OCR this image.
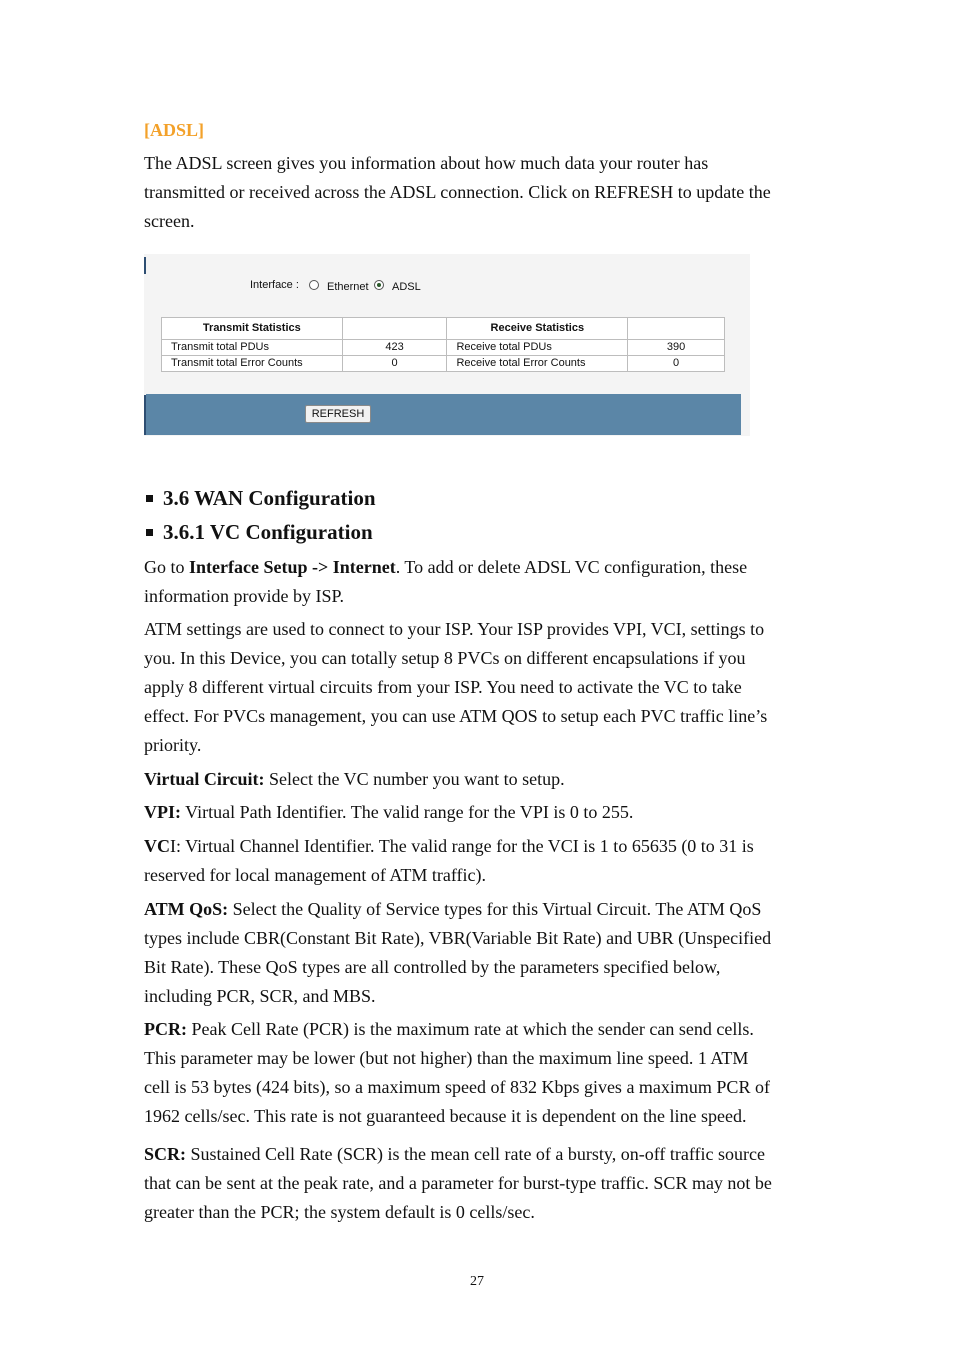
[ADSL]

The ADSL screen gives you information about how much data your router has
transmitted or received across the ADSL connection. Click on REFRESH to update the
screen.

Interface :	Ethernet ADSL
Transmit Statistics		Receive Statistics	
Transmit total PDUs	423	Receive total PDUs	390
Transmit total Error Counts	0	Receive total Error Counts	0
REFRESH
3.6 WAN Configuration
3.6.1 VC Configuration

Go to Interface Setup -> Internet. To add or delete ADSL VC configuration, these
information provide by ISP.

ATM settings are used to connect to your ISP. Your ISP provides VPI, VCI, settings to
you. In this Device, you can totally setup 8 PVCs on different encapsulations if you
apply 8 different virtual circuits from your ISP. You need to activate the VC to take
effect. For PVCs management, you can use ATM QOS to setup each PVC traffic line’s
priority.

Virtual Circuit: Select the VC number you want to setup.

VPI: Virtual Path Identifier. The valid range for the VPI is 0 to 255.

VCI: Virtual Channel Identifier. The valid range for the VCI is 1 to 65635 (0 to 31 is
reserved for local management of ATM traffic).

ATM QoS: Select the Quality of Service types for this Virtual Circuit. The ATM QoS
types include CBR(Constant Bit Rate), VBR(Variable Bit Rate) and UBR (Unspecified
Bit Rate). These QoS types are all controlled by the parameters specified below,
including PCR, SCR, and MBS.

PCR: Peak Cell Rate (PCR) is the maximum rate at which the sender can send cells.
This parameter may be lower (but not higher) than the maximum line speed. 1 ATM
cell is 53 bytes (424 bits), so a maximum speed of 832 Kbps gives a maximum PCR of
1962 cells/sec. This rate is not guaranteed because it is dependent on the line speed.

SCR: Sustained Cell Rate (SCR) is the mean cell rate of a bursty, on-off traffic source
that can be sent at the peak rate, and a parameter for burst-type traffic. SCR may not be
greater than the PCR; the system default is 0 cells/sec.

27
